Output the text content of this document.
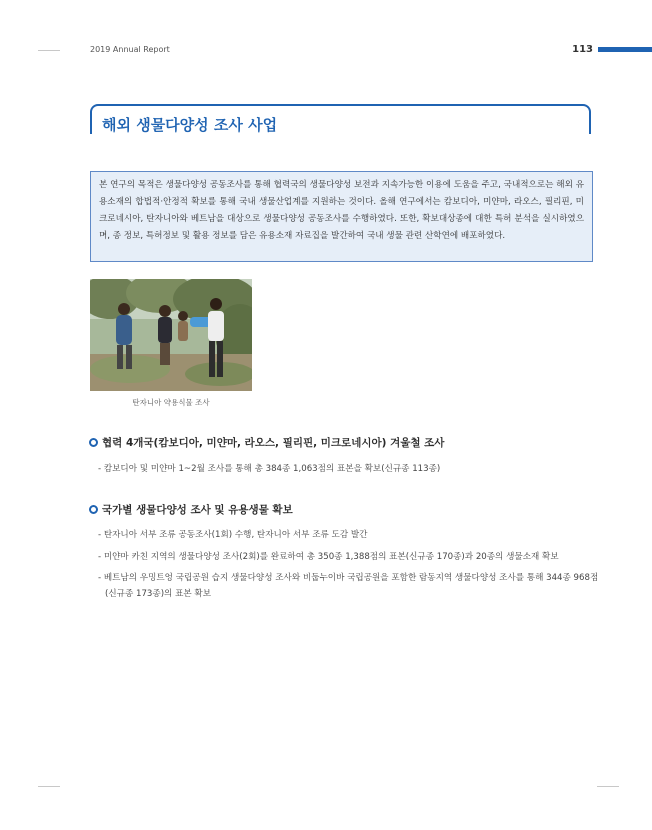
2019 Annual Report	113
해외 생물다양성 조사 사업
본 연구의 목적은 생물다양성 공동조사를 통해 협력국의 생물다양성 보전과 지속가능한 이용에 도움을 주고, 국내적으로는 해외 유용소재의 합법적·안정적 확보를 통해 국내 생물산업계를 지원하는 것이다. 올해 연구에서는 캄보디아, 미얀마, 라오스, 필리핀, 미크로네시아, 탄자니아와 베트남을 대상으로 생물다양성 공동조사를 수행하였다. 또한, 확보대상종에 대한 특허 분석을 실시하였으며, 종 정보, 특허정보 및 활용 정보를 담은 유용소재 자료집을 발간하여 국내 생물 관련 산학연에 배포하였다.
탄자니아 약용식물 조사
협력 4개국(캄보디아, 미얀마, 라오스, 필리핀, 미크로네시아) 겨울철 조사
- 캄보디아 및 미얀마 1~2월 조사를 통해 총 384종 1,063점의 표본을 확보(신규종 113종)
국가별 생물다양성 조사 및 유용생물 확보
- 탄자니아 서부 조류 공동조사(1회) 수행, 탄자니아 서부 조류 도감 발간
- 미얀마 카친 지역의 생물다양성 조사(2회)를 완료하여 총 350종 1,388점의 표본(신규종 170종)과 20종의 생물소재 확보
- 베트남의 우밍트엉 국립공원 습지 생물다양성 조사와 비둡누이바 국립공원을 포함한 람동지역 생물다양성 조사를 통해 344종 968점(신규종 173종)의 표본 확보
